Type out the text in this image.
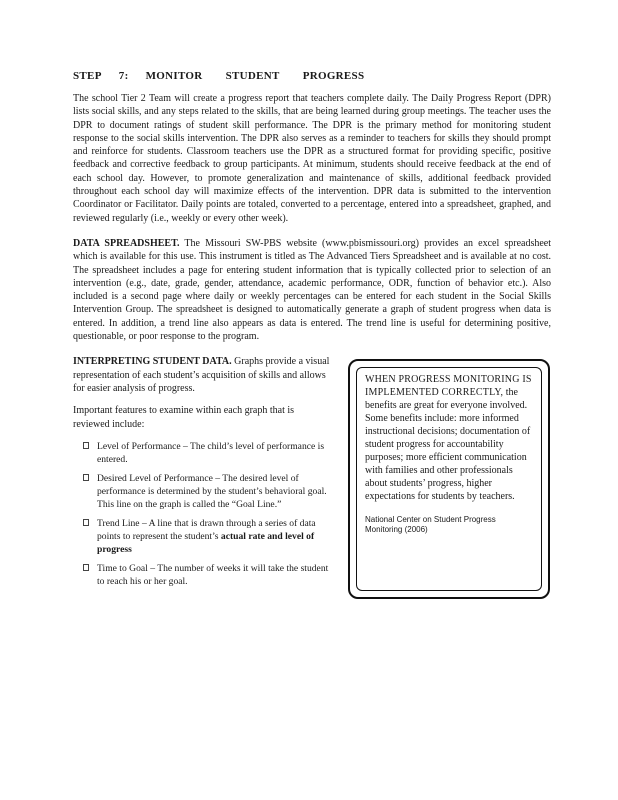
STEP 7: MONITOR STUDENT PROGRESS

The school Tier 2 Team will create a progress report that teachers complete daily. The Daily Progress Report (DPR) lists social skills, and any steps related to the skills, that are being learned during group meetings. The teacher uses the DPR to document ratings of student skill performance. The DPR is the primary method for monitoring student response to the social skills intervention. The DPR also serves as a reminder to teachers for skills they should prompt and reinforce for students. Classroom teachers use the DPR as a structured format for providing specific, positive feedback and corrective feedback to group participants. At minimum, students should receive feedback at the end of each school day. However, to promote generalization and maintenance of skills, additional feedback provided throughout each school day will maximize effects of the intervention. DPR data is submitted to the intervention Coordinator or Facilitator. Daily points are totaled, converted to a percentage, entered into a spreadsheet, graphed, and reviewed regularly (i.e., weekly or every other week).

DATA SPREADSHEET. The Missouri SW-PBS website (www.pbismissouri.org) provides an excel spreadsheet which is available for this use. This instrument is titled as The Advanced Tiers Spreadsheet and is available at no cost. The spreadsheet includes a page for entering student information that is typically collected prior to selection of an intervention (e.g., date, grade, gender, attendance, academic performance, ODR, function of behavior etc.). Also included is a second page where daily or weekly percentages can be entered for each student in the Social Skills Intervention Group. The spreadsheet is designed to automatically generate a graph of student progress when data is entered. In addition, a trend line also appears as data is entered. The trend line is useful for determining positive, questionable, or poor response to the program.

INTERPRETING STUDENT DATA. Graphs provide a visual representation of each student’s acquisition of skills and allows for easier analysis of progress.

Important features to examine within each graph that is reviewed include:

Level of Performance – The child’s level of performance is entered.
Desired Level of Performance – The desired level of performance is determined by the student’s behavioral goal. This line on the graph is called the “Goal Line.”
Trend Line – A line that is drawn through a series of data points to represent the student’s actual rate and level of progress
Time to Goal – The number of weeks it will take the student to reach his or her goal.

WHEN PROGRESS MONITORING IS IMPLEMENTED CORRECTLY, the benefits are great for everyone involved. Some benefits include: more informed instructional decisions; documentation of student progress for accountability purposes; more efficient communication with families and other professionals about students’ progress, higher expectations for students by teachers.

National Center on Student Progress Monitoring (2006)
